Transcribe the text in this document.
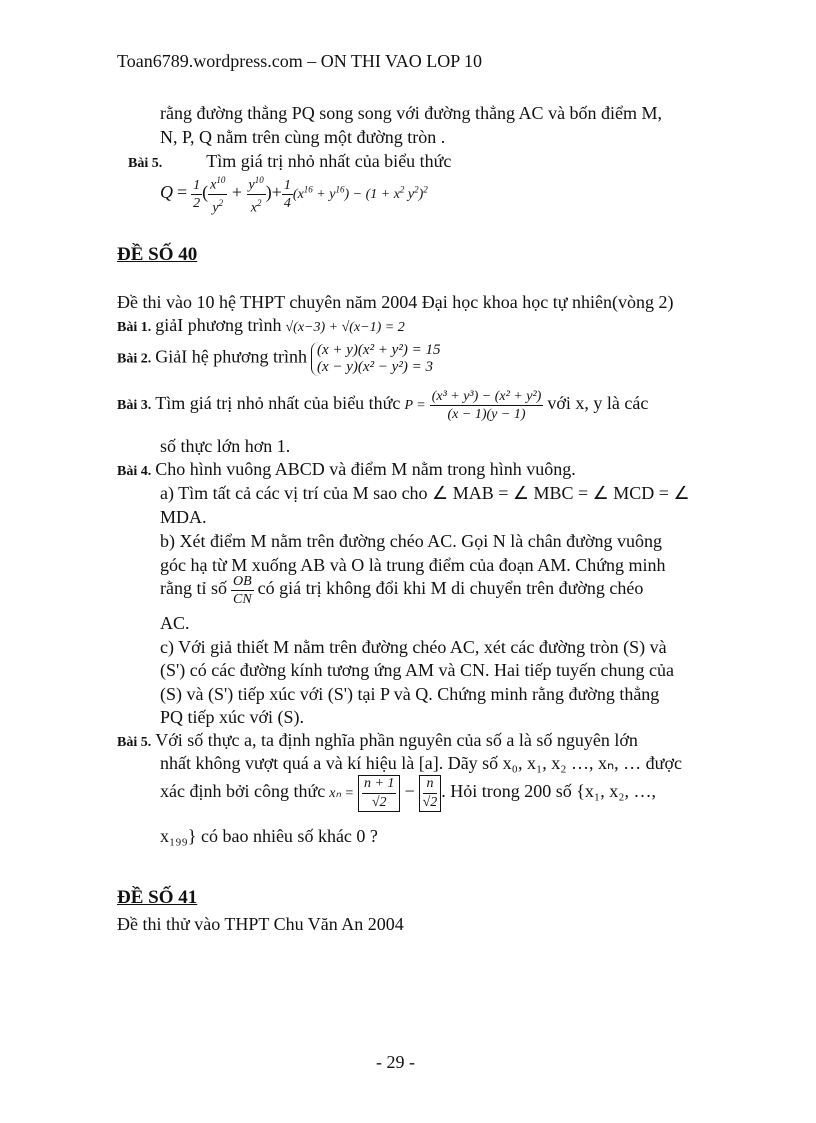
Toan6789.wordpress.com – ON THI VAO LOP 10
rằng đường thẳng PQ song song với đường thẳng AC và bốn điểm M,
N, P, Q nằm trên cùng một đường tròn .
Bài 5. Tìm giá trị nhỏ nhất của biểu thức
$Q = \frac{1}{2}$ ( $\frac{x^{10}}{y^2} + \frac{y^{10}}{x^2}$ )+ $\frac{1}{4} (x^{16} + y^{16}) - (1 + x^2$ $y^2)^2$
ĐỀ SỐ 40
Đề thi vào 10 hệ THPT chuyên năm 2004 Đại học khoa học tự nhiên(vòng 2)
Bài 1. giảI phương trình √(x−3) + √(x−1) = 2
Bài 2. GiảI hệ phương trình (x + y)(x² + y²) = 15
(x − y)(x² − y²) = 3
Bài 3. Tìm giá trị nhỏ nhất của biểu thức $P = \frac{\text{(x³ + y³) − (x² + y²)}}{(x - 1)(y - 1)}$ với x, y là các
số thực lớn hơn 1.
Bài 4. Cho hình vuông ABCD và điểm M nằm trong hình vuông.
a) Tìm tất cả các vị trí của M sao cho ∠ MAB = ∠ MBC = ∠ MCD = ∠
MDA.
b) Xét điểm M nằm trên đường chéo AC. Gọi N là chân đường vuông
góc hạ từ M xuống AB và O là trung điểm của đoạn AM. Chứng minh
rằng tỉ số $\frac{OB}{CN}$ có giá trị không đổi khi M di chuyển trên đường chéo
AC.
c) Với giả thiết M nằm trên đường chéo AC, xét các đường tròn (S) và
(S') có các đường kính tương ứng AM và CN. Hai tiếp tuyến chung của
(S) và (S') tiếp xúc với (S') tại P và Q. Chứng minh rằng đường thẳng
PQ tiếp xúc với (S).
Bài 5. Với số thực a, ta định nghĩa phần nguyên của số a là số nguyên lớn
nhất không vượt quá a và kí hiệu là [a]. Dãy số x₀, x₁, x₂ …, xₙ, … được
xác định bởi công thức $x_n = \frac{n + 1}{√2} - \frac{n}{√2}$ . Hỏi trong 200 số {x₁, x₂, …,
x₁₉₉} có bao nhiêu số khác 0 ?
ĐỀ SỐ 41
Đề thi thử vào THPT Chu Văn An 2004
- 29 -
